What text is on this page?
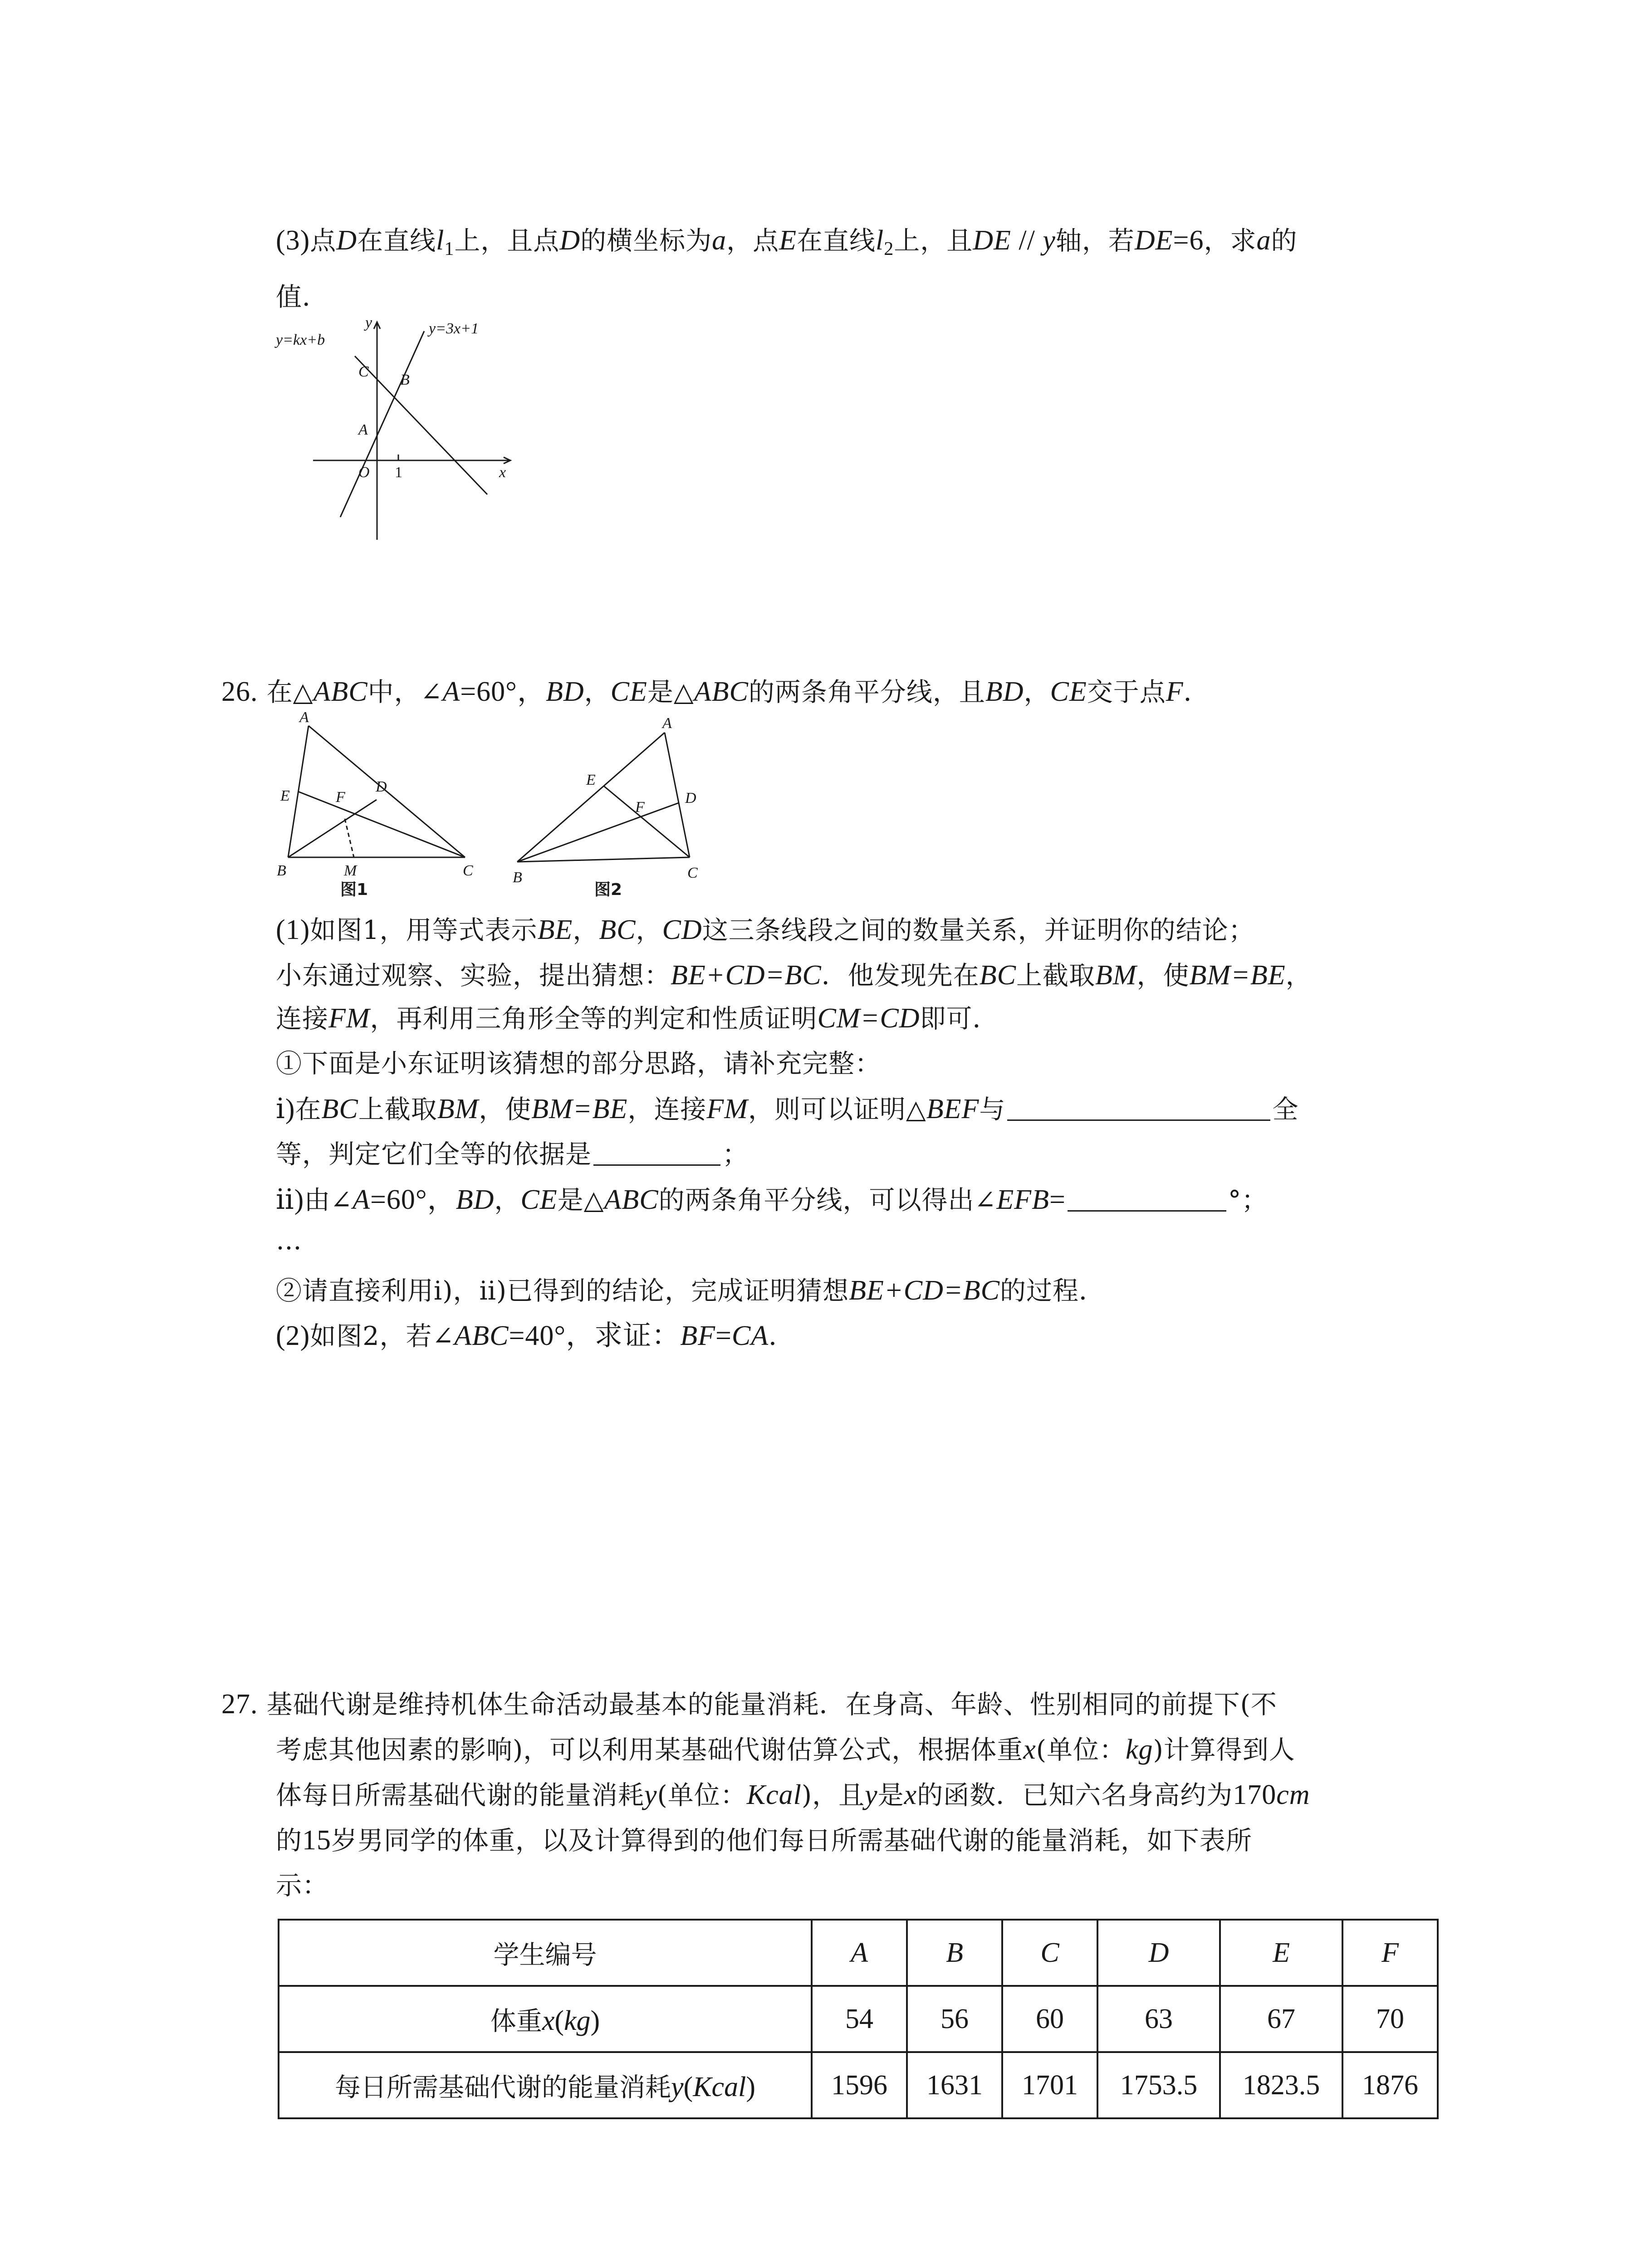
(3)点D在直线$l_1$上，且点D的横坐标为a，点E在直线$l_2$上，且DE // y轴，若DE=6，求a的

值．

y=kx+b
y=3x+1
y
x
C B
A
O 1

26. 在△ABC中，∠A=60°，BD，CE是△ABC的两条角平分线，且BD，CE交于点F．

A
D
E	F
B	M	C

图1

A
E
D
F
B	C

图2

(1)如图1，用等式表示BE，BC，CD这三条线段之间的数量关系，并证明你的结论；

小东通过观察、实验，提出猜想：BE+CD=BC．他发现先在BC上截取BM，使BM=BE，

连接FM，再利用三角形全等的判定和性质证明CM=CD即可．

①下面是小东证明该猜想的部分思路，请补充完整：

ⅰ)在BC上截取BM，使BM=BE，连接FM，则可以证明△BEF与	全

等，判定它们全等的依据是	；

ⅱ)由∠A=60°，BD，CE是△ABC的两条角平分线，可以得出∠EFB=	°；

…

②请直接利用ⅰ)，ⅱ)已得到的结论，完成证明猜想BE+CD=BC的过程．

(2)如图2，若∠ABC=40°，求证：BF=CA．

27. 基础代谢是维持机体生命活动最基本的能量消耗．在身高、年龄、性别相同的前提下(不

考虑其他因素的影响)，可以利用某基础代谢估算公式，根据体重x(单位：kg)计算得到人

体每日所需基础代谢的能量消耗y(单位：Kcal)，且y是x的函数．已知六名身高约为170cm

的15岁男同学的体重，以及计算得到的他们每日所需基础代谢的能量消耗，如下表所

示：

学生编号	A	B	C	D	E	F
体重x(kg)	54	56	60	63	67	70
每日所需基础代谢的能量消耗y(Kcal)	1596	1631	1701	1753.5	1823.5	1876
